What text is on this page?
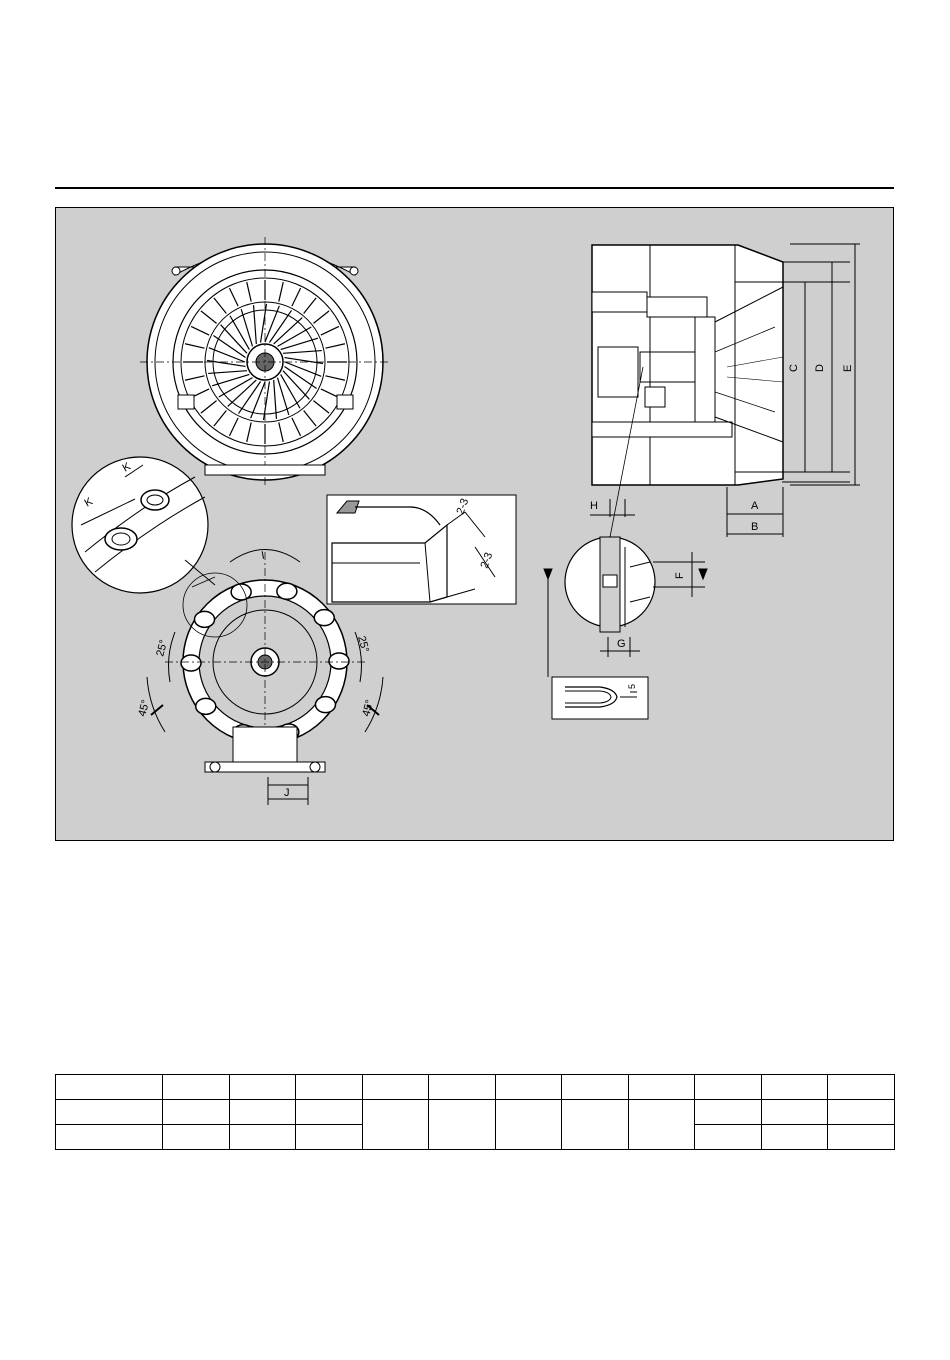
K
K
2-3
2-3
J
I
25°	25°
45°	45°
C D E
A
B
H
G
F
5
